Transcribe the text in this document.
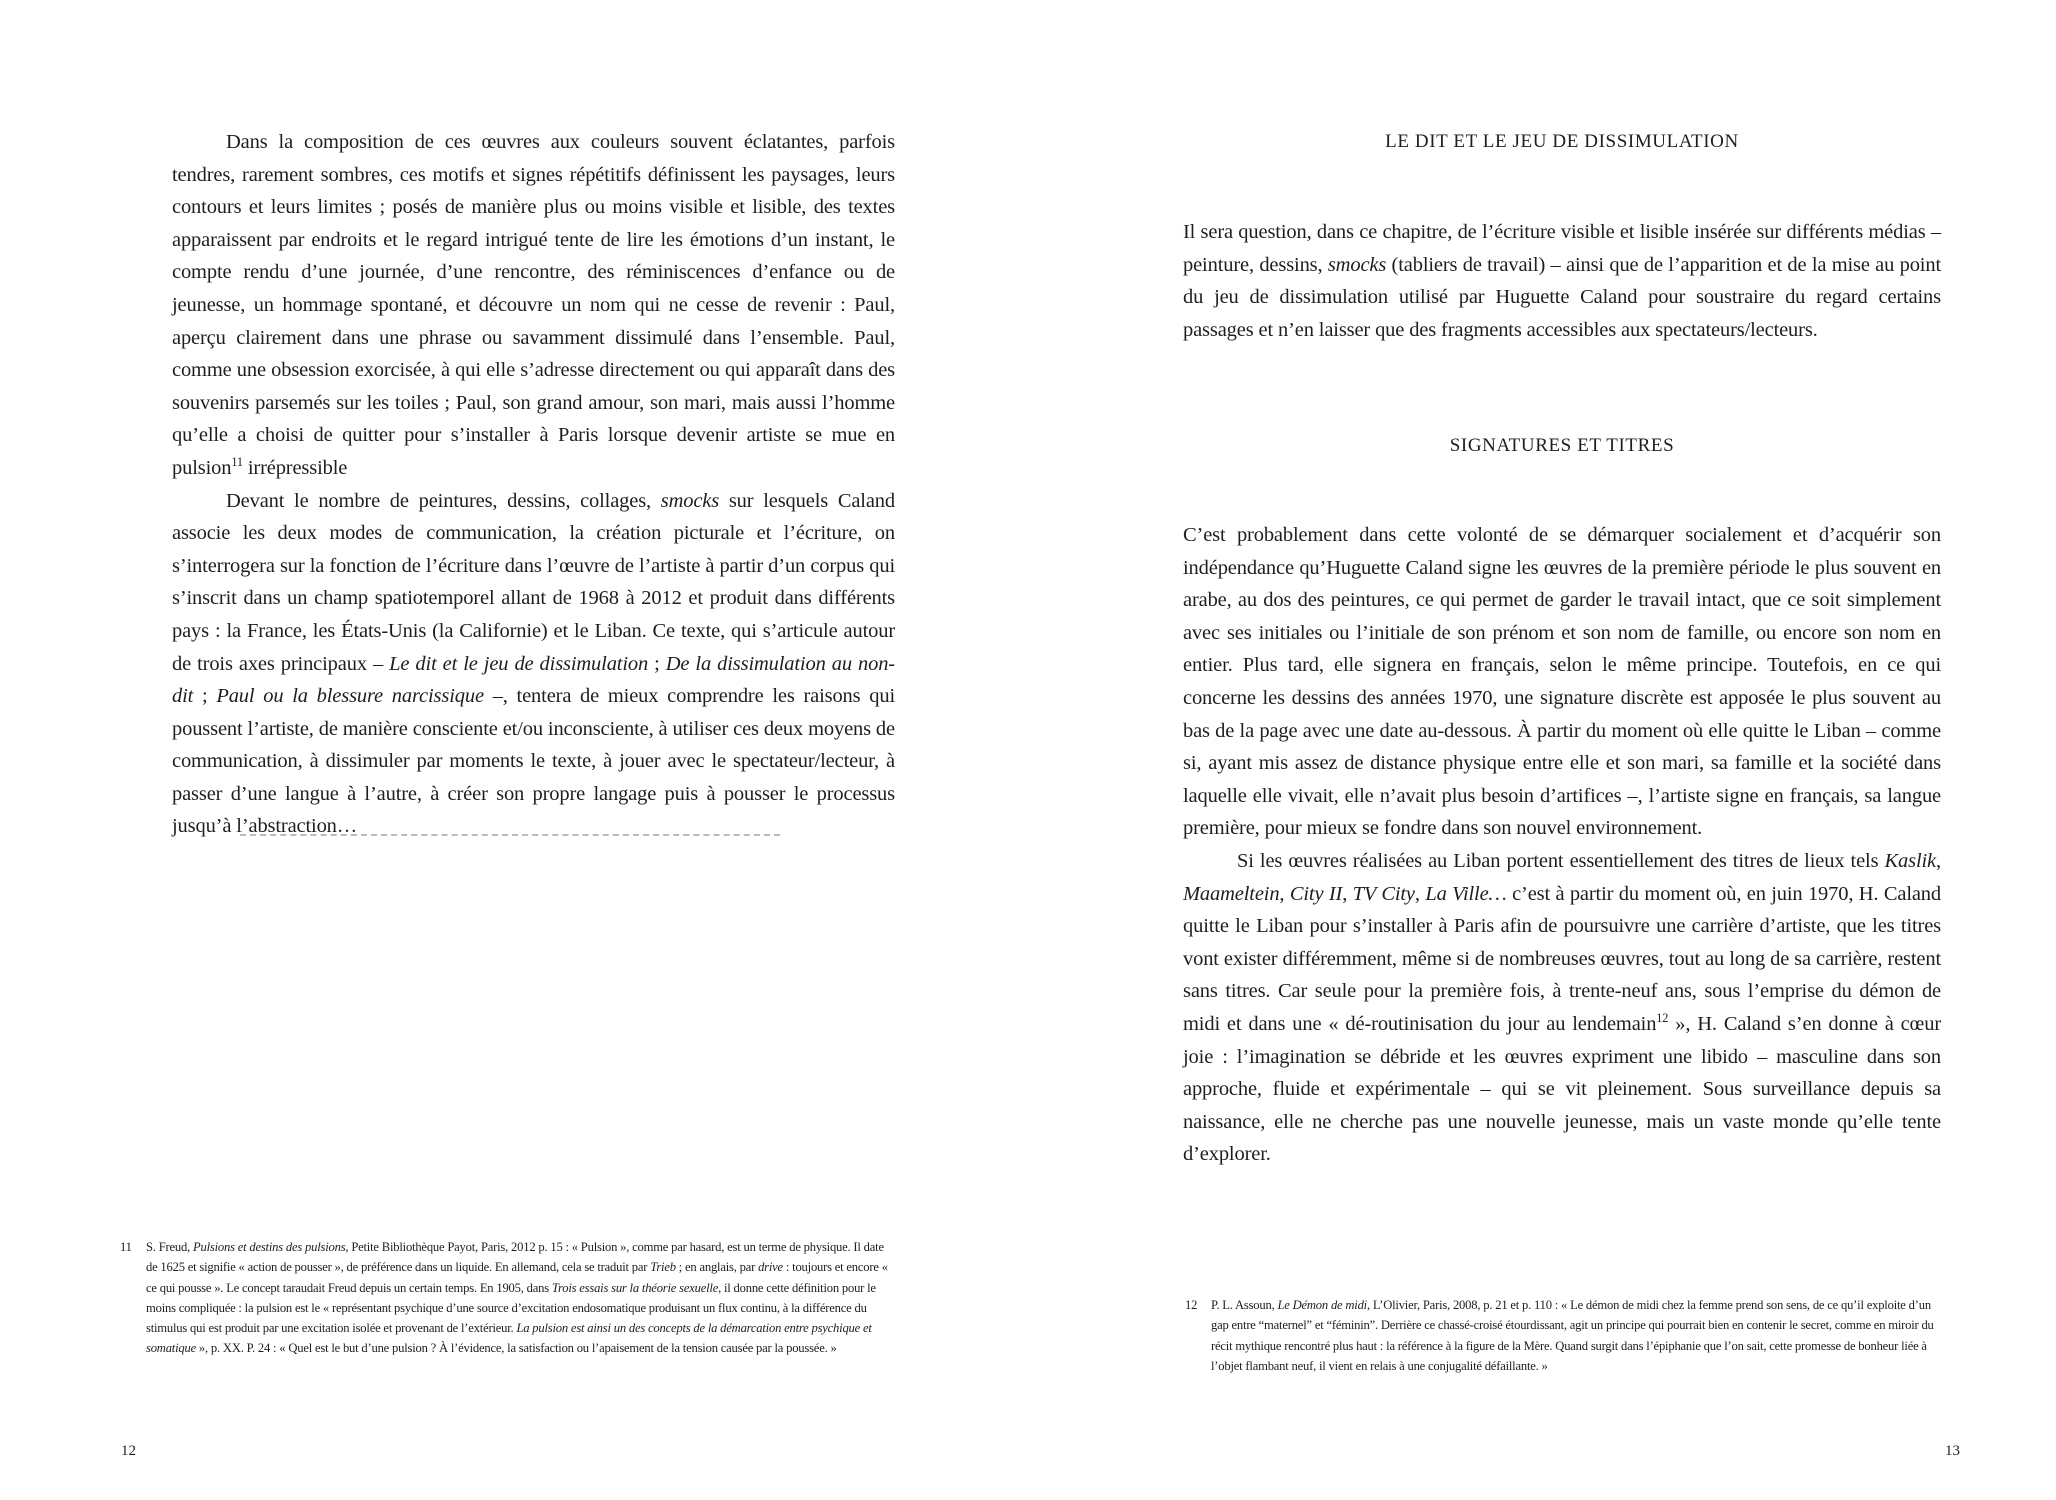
Dans la composition de ces œuvres aux couleurs souvent éclatantes, parfois tendres, rarement sombres, ces motifs et signes répétitifs définissent les paysages, leurs contours et leurs limites ; posés de manière plus ou moins visible et lisible, des textes apparaissent par endroits et le regard intrigué tente de lire les émotions d’un instant, le compte rendu d’une journée, d’une rencontre, des réminiscences d’enfance ou de jeunesse, un hommage spontané, et découvre un nom qui ne cesse de revenir : Paul, aperçu clairement dans une phrase ou savamment dissimulé dans l’ensemble. Paul, comme une obsession exorcisée, à qui elle s’adresse directement ou qui apparaît dans des souvenirs parsemés sur les toiles ; Paul, son grand amour, son mari, mais aussi l’homme qu’elle a choisi de quitter pour s’installer à Paris lorsque devenir artiste se mue en pulsion$^{11}$ irrépressible

Devant le nombre de peintures, dessins, collages, smocks sur lesquels Caland associe les deux modes de communication, la création picturale et l’écriture, on s’interrogera sur la fonction de l’écriture dans l’œuvre de l’artiste à partir d’un corpus qui s’inscrit dans un champ spatiotemporel allant de 1968 à 2012 et produit dans différents pays : la France, les États-Unis (la Californie) et le Liban. Ce texte, qui s’articule autour de trois axes principaux – Le dit et le jeu de dissimulation ; De la dissimulation au non-dit ; Paul ou la blessure narcissique –, tentera de mieux comprendre les raisons qui poussent l’artiste, de manière consciente et/ou inconsciente, à utiliser ces deux moyens de communication, à dissimuler par moments le texte, à jouer avec le spectateur/lecteur, à passer d’une langue à l’autre, à créer son propre langage puis à pousser le processus jusqu’à l’abstraction…

11 S. Freud, Pulsions et destins des pulsions, Petite Bibliothèque Payot, Paris, 2012 p. 15 : « Pulsion », comme par hasard, est un terme de physique. Il date de 1625 et signifie « action de pousser », de préférence dans un liquide. En allemand, cela se traduit par Trieb ; en anglais, par drive : toujours et encore « ce qui pousse ». Le concept taraudait Freud depuis un certain temps. En 1905, dans Trois essais sur la théorie sexuelle, il donne cette définition pour le moins compliquée : la pulsion est le « représentant psychique d’une source d’excitation endosomatique produisant un flux continu, à la différence du stimulus qui est produit par une excitation isolée et provenant de l’extérieur. La pulsion est ainsi un des concepts de la démarcation entre psychique et somatique », p. XX. P. 24 : « Quel est le but d’une pulsion ? À l’évidence, la satisfaction ou l’apaisement de la tension causée par la poussée. »
12
LE DIT ET LE JEU DE DISSIMULATION

Il sera question, dans ce chapitre, de l’écriture visible et lisible insérée sur différents médias – peinture, dessins, smocks (tabliers de travail) – ainsi que de l’apparition et de la mise au point du jeu de dissimulation utilisé par Huguette Caland pour soustraire du regard certains passages et n’en laisser que des fragments accessibles aux spectateurs/lecteurs.

SIGNATURES ET TITRES

C’est probablement dans cette volonté de se démarquer socialement et d’acquérir son indépendance qu’Huguette Caland signe les œuvres de la première période le plus souvent en arabe, au dos des peintures, ce qui permet de garder le travail intact, que ce soit simplement avec ses initiales ou l’initiale de son prénom et son nom de famille, ou encore son nom en entier. Plus tard, elle signera en français, selon le même principe. Toutefois, en ce qui concerne les dessins des années 1970, une signature discrète est apposée le plus souvent au bas de la page avec une date au-dessous. À partir du moment où elle quitte le Liban – comme si, ayant mis assez de distance physique entre elle et son mari, sa famille et la société dans laquelle elle vivait, elle n’avait plus besoin d’artifices –, l’artiste signe en français, sa langue première, pour mieux se fondre dans son nouvel environnement.

Si les œuvres réalisées au Liban portent essentiellement des titres de lieux tels Kaslik, Maameltein, City II, TV City, La Ville… c’est à partir du moment où, en juin 1970, H. Caland quitte le Liban pour s’installer à Paris afin de poursuivre une carrière d’artiste, que les titres vont exister différemment, même si de nombreuses œuvres, tout au long de sa carrière, restent sans titres. Car seule pour la première fois, à trente-neuf ans, sous l’emprise du démon de midi et dans une « dé-routinisation du jour au lendemain$^{12}$ », H. Caland s’en donne à cœur joie : l’imagination se débride et les œuvres expriment une libido – masculine dans son approche, fluide et expérimentale – qui se vit pleinement. Sous surveillance depuis sa naissance, elle ne cherche pas une nouvelle jeunesse, mais un vaste monde qu’elle tente d’explorer.

12 P. L. Assoun, Le Démon de midi, L’Olivier, Paris, 2008, p. 21 et p. 110 : « Le démon de midi chez la femme prend son sens, de ce qu’il exploite d’un gap entre “maternel” et “féminin”. Derrière ce chassé-croisé étourdissant, agit un principe qui pourrait bien en contenir le secret, comme en miroir du récit mythique rencontré plus haut : la référence à la figure de la Mère. Quand surgit dans l’épiphanie que l’on sait, cette promesse de bonheur liée à l’objet flambant neuf, il vient en relais à une conjugalité défaillante. »
13
